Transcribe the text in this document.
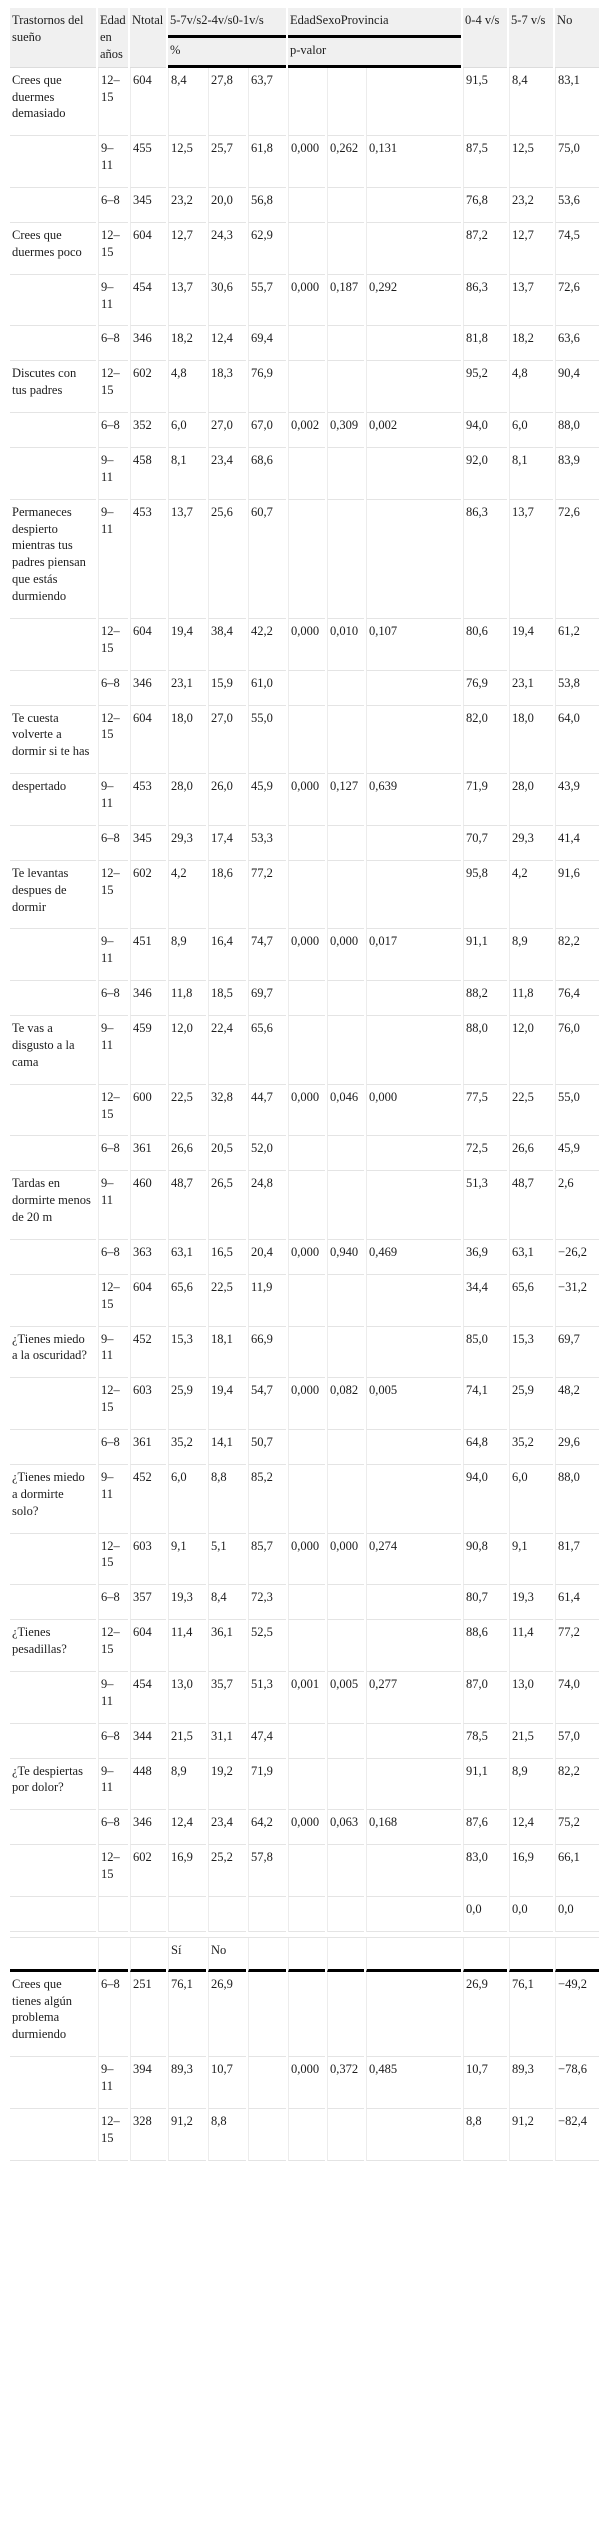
Trastornos del sueño	Edad en años	Ntotal	5-7v/s2-4v/s0-1v/s			EdadSexoProvincia			0-4 v/s	5-7 v/s	No
			%			p-valor					
Crees que duermes demasiado	12–15	604	8,4	27,8	63,7				91,5	8,4	83,1
	9–11	455	12,5	25,7	61,8	0,000	0,262	0,131	87,5	12,5	75,0
	6–8	345	23,2	20,0	56,8				76,8	23,2	53,6
Crees que duermes poco	12–15	604	12,7	24,3	62,9				87,2	12,7	74,5
	9–11	454	13,7	30,6	55,7	0,000	0,187	0,292	86,3	13,7	72,6
	6–8	346	18,2	12,4	69,4				81,8	18,2	63,6
Discutes con tus padres	12–15	602	4,8	18,3	76,9				95,2	4,8	90,4
	6–8	352	6,0	27,0	67,0	0,002	0,309	0,002	94,0	6,0	88,0
	9–11	458	8,1	23,4	68,6				92,0	8,1	83,9
Permaneces despierto mientras tus padres piensan que estás durmiendo	9–11	453	13,7	25,6	60,7				86,3	13,7	72,6
	12–15	604	19,4	38,4	42,2	0,000	0,010	0,107	80,6	19,4	61,2
	6–8	346	23,1	15,9	61,0				76,9	23,1	53,8
Te cuesta volverte a dormir si te has	12–15	604	18,0	27,0	55,0				82,0	18,0	64,0
despertado	9–11	453	28,0	26,0	45,9	0,000	0,127	0,639	71,9	28,0	43,9
	6–8	345	29,3	17,4	53,3				70,7	29,3	41,4
Te levantas despues de dormir	12–15	602	4,2	18,6	77,2				95,8	4,2	91,6
	9–11	451	8,9	16,4	74,7	0,000	0,000	0,017	91,1	8,9	82,2
	6–8	346	11,8	18,5	69,7				88,2	11,8	76,4
Te vas a disgusto a la cama	9–11	459	12,0	22,4	65,6				88,0	12,0	76,0
	12–15	600	22,5	32,8	44,7	0,000	0,046	0,000	77,5	22,5	55,0
	6–8	361	26,6	20,5	52,0				72,5	26,6	45,9
Tardas en dormirte menos de 20 m	9–11	460	48,7	26,5	24,8				51,3	48,7	2,6
	6–8	363	63,1	16,5	20,4	0,000	0,940	0,469	36,9	63,1	−26,2
	12–15	604	65,6	22,5	11,9				34,4	65,6	−31,2
¿Tienes miedo a la oscuridad?	9–11	452	15,3	18,1	66,9				85,0	15,3	69,7
	12–15	603	25,9	19,4	54,7	0,000	0,082	0,005	74,1	25,9	48,2
	6–8	361	35,2	14,1	50,7				64,8	35,2	29,6
¿Tienes miedo a dormirte solo?	9–11	452	6,0	8,8	85,2				94,0	6,0	88,0
	12–15	603	9,1	5,1	85,7	0,000	0,000	0,274	90,8	9,1	81,7
	6–8	357	19,3	8,4	72,3				80,7	19,3	61,4
¿Tienes pesadillas?	12–15	604	11,4	36,1	52,5				88,6	11,4	77,2
	9–11	454	13,0	35,7	51,3	0,001	0,005	0,277	87,0	13,0	74,0
	6–8	344	21,5	31,1	47,4				78,5	21,5	57,0
¿Te despiertas por dolor?	9–11	448	8,9	19,2	71,9				91,1	8,9	82,2
	6–8	346	12,4	23,4	64,2	0,000	0,063	0,168	87,6	12,4	75,2
	12–15	602	16,9	25,2	57,8				83,0	16,9	66,1
									0,0	0,0	0,0

			Sí	No							
Crees que tienes algún problema durmiendo	6–8	251	76,1	26,9					26,9	76,1	−49,2
	9–11	394	89,3	10,7		0,000	0,372	0,485	10,7	89,3	−78,6
	12–15	328	91,2	8,8					8,8	91,2	−82,4
